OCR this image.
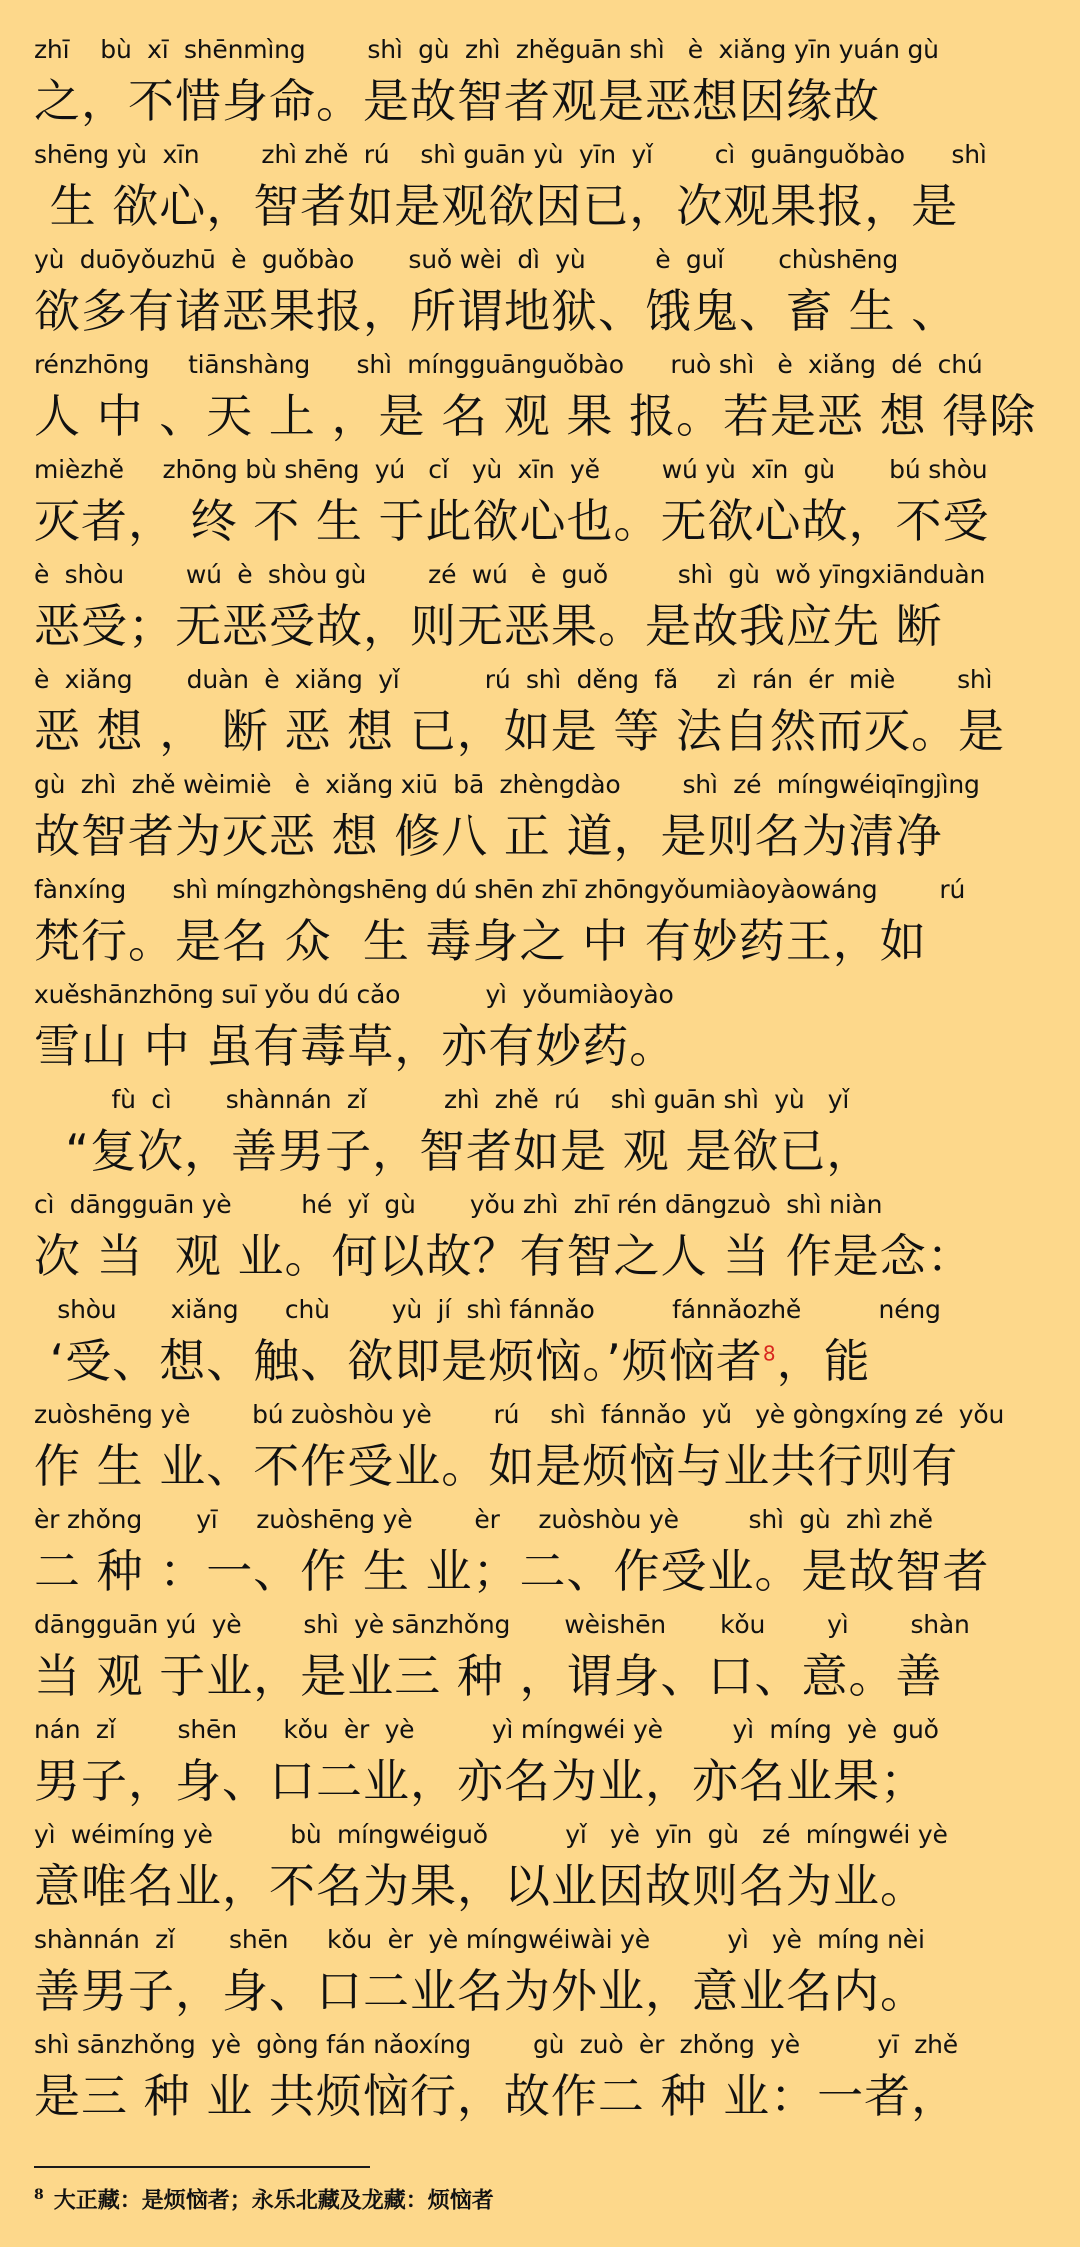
zhī    bù  xī  shēnmìng        shì  gù  zhì  zhěguān shì   è  xiǎng yīn yuán gù
之，不惜身命。是故智者观是恶想因缘故
shēng yù  xīn        zhì zhě  rú    shì guān yù  yīn  yǐ        cì  guānguǒbào      shì
生 欲心，智者如是观欲因已，次观果报，是
yù  duōyǒuzhū  è  guǒbào       suǒ wèi  dì  yù         è  guǐ       chùshēng
欲多有诸恶果报，所谓地狱、饿鬼、畜 生 、
rénzhōng     tiānshàng      shì  míngguānguǒbào      ruò shì   è  xiǎng  dé  chú
人 中 、天 上 ，是 名 观 果 报。若是恶 想 得除
mièzhě     zhōng bù shēng  yú   cǐ   yù  xīn  yě        wú yù  xīn  gù       bú shòu
灭者， 终 不 生 于此欲心也。无欲心故，不受
è  shòu        wú  è  shòu gù        zé  wú   è  guǒ         shì  gù  wǒ yīngxiānduàn
恶受；无恶受故，则无恶果。是故我应先 断
è  xiǎng       duàn  è  xiǎng  yǐ           rú  shì  děng  fǎ     zì  rán  ér  miè        shì
恶 想 ， 断 恶 想 已，如是 等 法自然而灭。是
gù  zhì  zhě wèimiè   è  xiǎng xiū  bā  zhèngdào        shì  zé  míngwéiqīngjìng
故智者为灭恶 想 修八 正 道，是则名为清净
fànxíng      shì míngzhòngshēng dú shēn zhī zhōngyǒumiàoyàowáng        rú
梵行。是名 众  生 毒身之 中 有妙药王，如
xuěshānzhōng suī yǒu dú cǎo           yì  yǒumiàoyào
雪山 中 虽有毒草，亦有妙药。
fù  cì       shànnán  zǐ          zhì  zhě  rú    shì guān shì  yù   yǐ
“复次，善男子，智者如是 观 是欲已，
cì  dāngguān yè         hé  yǐ  gù       yǒu zhì  zhī rén dāngzuò  shì niàn
次 当  观 业。何以故？有智之人 当 作是念：
shòu       xiǎng      chù        yù  jí  shì fánnǎo          fánnǎozhě          néng
‘受、想、触、欲即是烦恼。’烦恼者$^8$，能
zuòshēng yè        bú zuòshòu yè        rú    shì  fánnǎo  yǔ   yè gòngxíng zé  yǒu
作 生 业、不作受业。如是烦恼与业共行则有
èr zhǒng       yī     zuòshēng yè        èr     zuòshòu yè         shì  gù  zhì zhě
二 种 ：一、作 生 业；二、作受业。是故智者
dāngguān yú  yè        shì  yè sānzhǒng       wèishēn       kǒu        yì        shàn
当 观 于业，是业三 种 ，谓身、口、意。善
nán  zǐ        shēn      kǒu  èr  yè          yì míngwéi yè         yì  míng  yè  guǒ
男子，身、口二业，亦名为业，亦名业果；
yì  wéimíng yè          bù  míngwéiguǒ          yǐ   yè  yīn  gù   zé  míngwéi yè
意唯名业，不名为果，以业因故则名为业。
shànnán  zǐ       shēn     kǒu  èr  yè míngwéiwài yè          yì   yè  míng nèi
善男子，身、口二业名为外业，意业名内。
shì sānzhǒng  yè  gòng fán nǎoxíng        gù  zuò  èr  zhǒng  yè          yī  zhě
是三 种 业 共烦恼行，故作二 种 业：一者，
$^8$ 大正藏：是烦恼者；永乐北藏及龙藏：烦恼者
